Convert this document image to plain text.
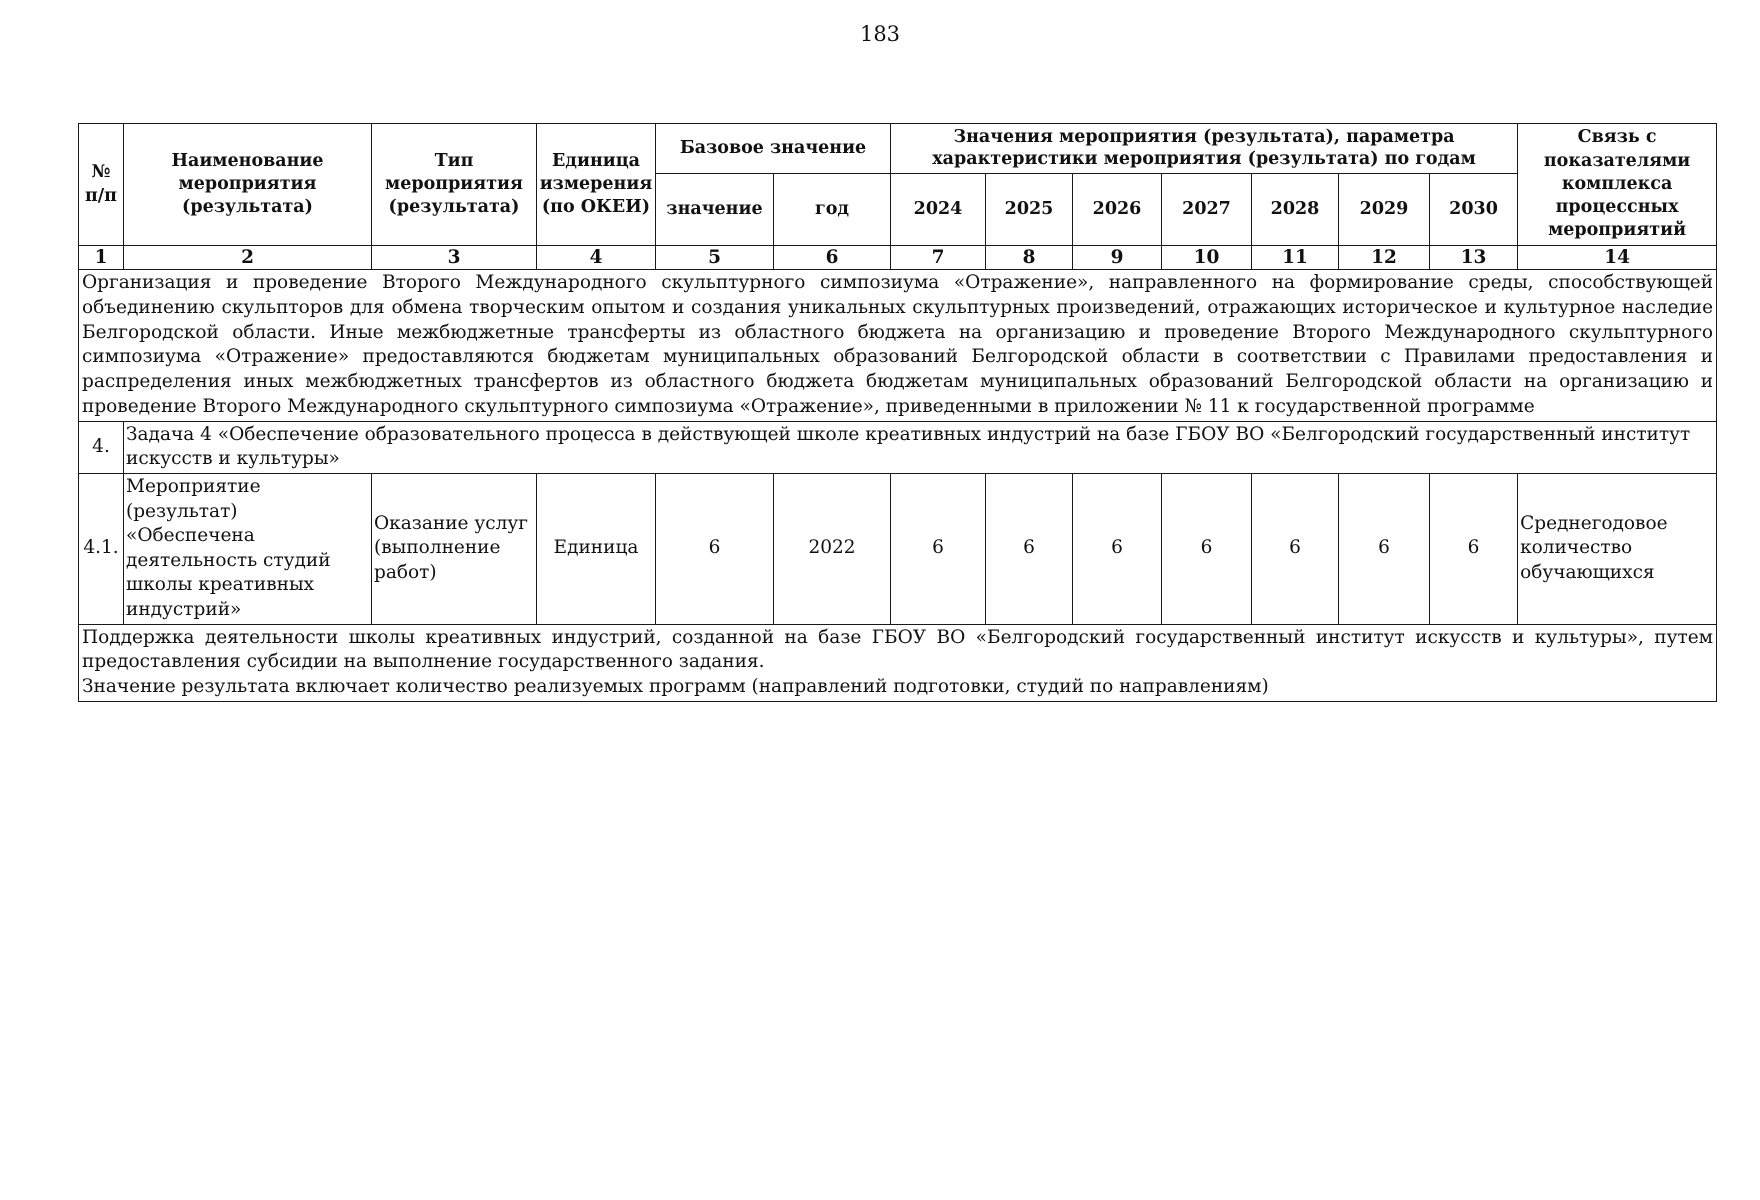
183
№ п/п	Наименование мероприятия (результата)	Тип мероприятия (результата)	Единица измерения (по ОКЕИ)	Базовое значение		Значения мероприятия (результата), параметра характеристики мероприятия (результата) по годам							Связь с показателями комплекса процессных мероприятий
				значение	год	2024	2025	2026	2027	2028	2029	2030	
1	2	3	4	5	6	7	8	9	10	11	12	13	14
Организация и проведение Второго Международного скульптурного симпозиума «Отражение», направленного на формирование среды, способствующей объединению скульпторов для обмена творческим опытом и создания уникальных скульптурных произведений, отражающих историческое и культурное наследие Белгородской области. Иные межбюджетные трансферты из областного бюджета на организацию и проведение Второго Международного скульптурного симпозиума «Отражение» предоставляются бюджетам муниципальных образований Белгородской области в соответствии с Правилами предоставления и распределения иных межбюджетных трансфертов из областного бюджета бюджетам муниципальных образований Белгородской области на организацию и проведение Второго Международного скульптурного симпозиума «Отражение», приведенными в приложении № 11 к государственной программе													
4.	Задача 4 «Обеспечение образовательного процесса в действующей школе креативных индустрий на базе ГБОУ ВО «Белгородский государственный институт искусств и культуры»												
4.1.	Мероприятие (результат) «Обеспечена деятельность студий школы креативных индустрий»	Оказание услуг (выполнение работ)	Единица	6	2022	6	6	6	6	6	6	6	Среднегодовое количество обучающихся

Поддержка деятельности школы креативных индустрий, созданной на базе ГБОУ ВО «Белгородский государственный институт искусств и культуры», путем предоставления субсидии на выполнение государственного задания.
Значение результата включает количество реализуемых программ (направлений подготовки, студий по направлениям)													
